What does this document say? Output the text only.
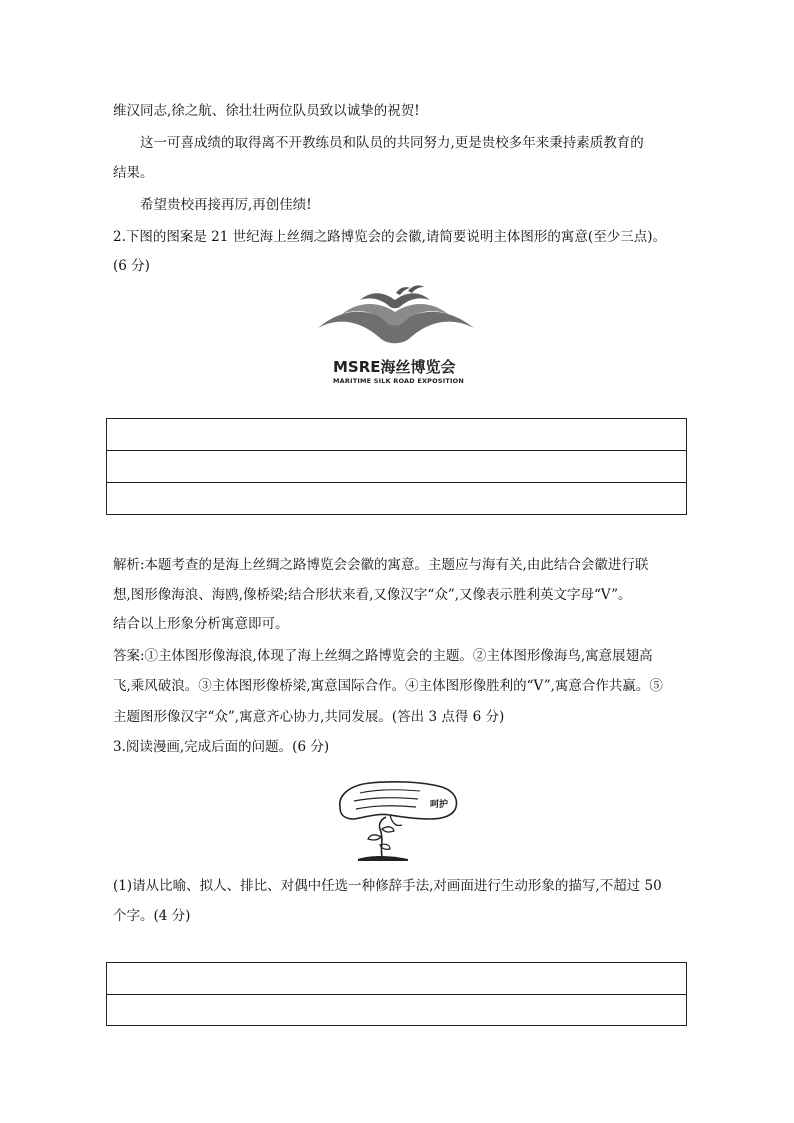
维汉同志,徐之航、徐壮壮两位队员致以诚挚的祝贺!
这一可喜成绩的取得离不开教练员和队员的共同努力,更是贵校多年来秉持素质教育的
结果。
希望贵校再接再厉,再创佳绩!
2.下图的图案是 21 世纪海上丝绸之路博览会的会徽,请简要说明主体图形的寓意(至少三点)。
(6 分)
MSRE海丝博览会
MARITIME SILK ROAD EXPOSITION
解析:本题考查的是海上丝绸之路博览会会徽的寓意。主题应与海有关,由此结合会徽进行联
想,图形像海浪、海鸥,像桥梁;结合形状来看,又像汉字“众”,又像表示胜利英文字母“V”。
结合以上形象分析寓意即可。
答案:①主体图形像海浪,体现了海上丝绸之路博览会的主题。②主体图形像海鸟,寓意展翅高
飞,乘风破浪。③主体图形像桥梁,寓意国际合作。④主体图形像胜利的“V”,寓意合作共赢。⑤
主题图形像汉字“众”,寓意齐心协力,共同发展。(答出 3 点得 6 分)
3.阅读漫画,完成后面的问题。(6 分)
呵护
(1)请从比喻、拟人、排比、对偶中任选一种修辞手法,对画面进行生动形象的描写,不超过 50
个字。(4 分)
